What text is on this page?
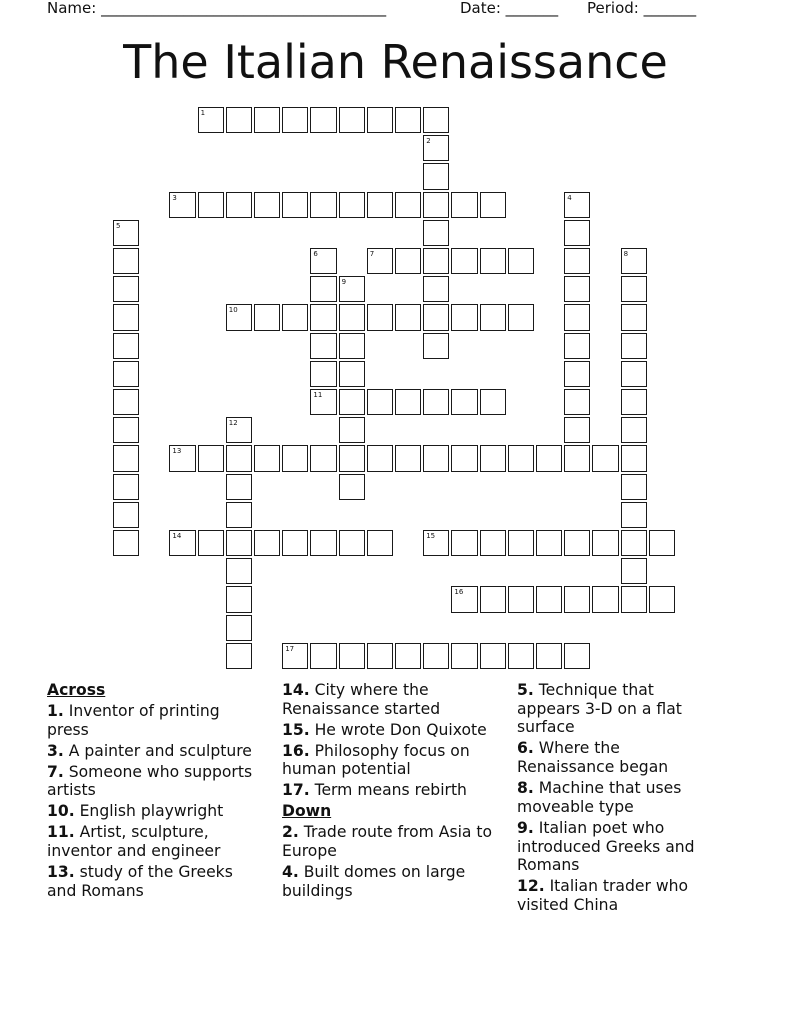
Name: ______________________________________	Date: _______ Period: _______
The Italian Renaissance
1
2
3	4
5
6
11
7	8
9
10
12
13
14	15
16
17
Across
1. Inventor of printing press
3. A painter and sculpture
7. Someone who supports artists
10. English playwright
11. Artist, sculpture, inventor and engineer
13. study of the Greeks and Romans
14. City where the Renaissance started
15. He wrote Don Quixote
16. Philosophy focus on human potential
17. Term means rebirth
Down
2. Trade route from Asia to Europe
4. Built domes on large buildings
5. Technique that appears 3-D on a flat surface
6. Where the Renaissance began
8. Machine that uses moveable type
9. Italian poet who introduced Greeks and Romans
12. Italian trader who visited China
